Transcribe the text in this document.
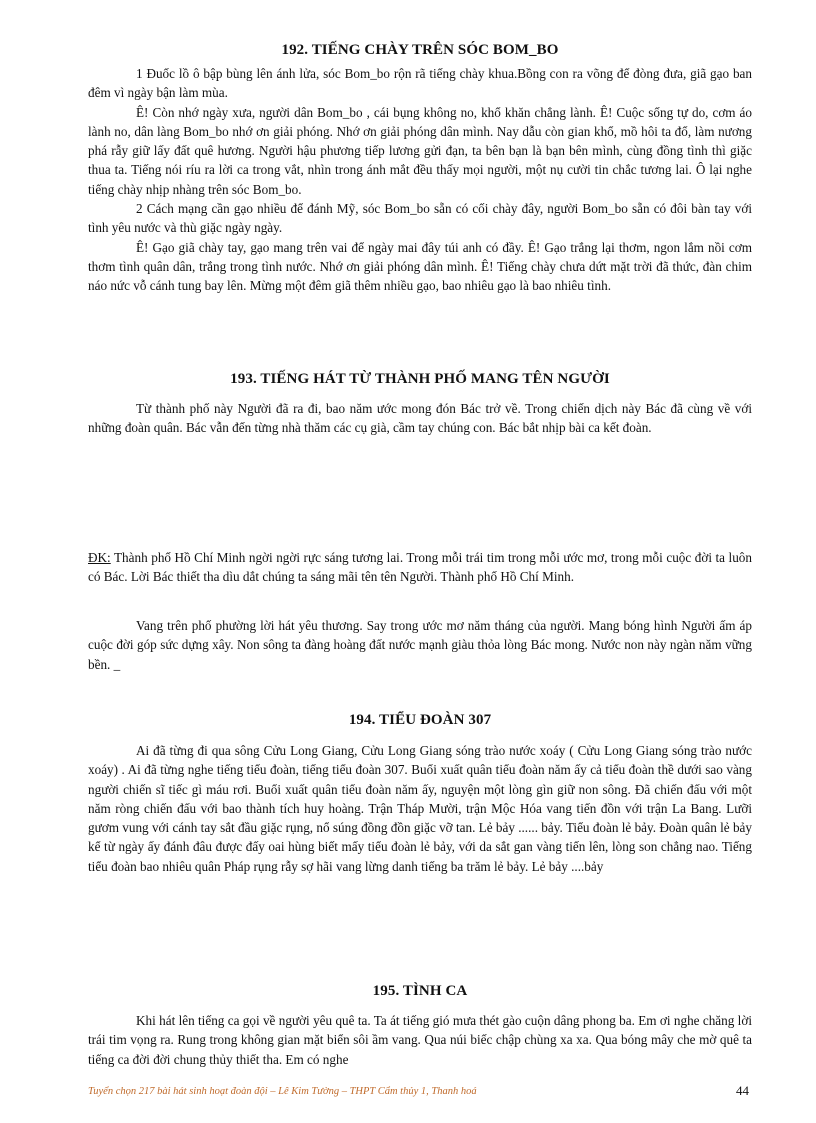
192. TIẾNG CHÀY TRÊN SÓC BOM_BO

1 Đuốc lồ ô bập bùng lên ánh lửa, sóc Bom_bo rộn rã tiếng chày khua.Bồng con ra võng để đòng đưa, giã gạo ban đêm vì ngày bận làm mùa.

Ê! Còn nhớ ngày xưa, người dân Bom_bo , cái bụng không no, khổ khăn chẳng lành. Ê! Cuộc sống tự do, cơm áo lành no, dân làng Bom_bo nhớ ơn giải phóng. Nhớ ơn giải phóng dân mình. Nay dẫu còn gian khổ, mồ hôi ta đổ, làm nương phá rẫy giữ lấy đất quê hương. Người hậu phương tiếp lương gửi đạn, ta bên bạn là bạn bên mình, cùng đồng tình thì giặc thua ta. Tiếng nói ríu ra lời ca trong vắt, nhìn trong ánh mắt đều thấy mọi người, một nụ cười tin chắc tương lai. Ô lại nghe tiếng chày nhịp nhàng trên sóc Bom_bo.

2 Cách mạng cần gạo nhiều để đánh Mỹ, sóc Bom_bo sẵn có cối chày đây, người Bom_bo sẵn có đôi bàn tay với tình yêu nước và thù giặc ngày ngày.

Ê! Gạo giã chày tay, gạo mang trên vai để ngày mai đây túi anh có đầy. Ê! Gạo trắng lại thơm, ngon lắm nồi cơm thơm tình quân dân, trắng trong tình nước. Nhớ ơn giải phóng dân mình. Ê! Tiếng chày chưa dứt mặt trời đã thức, đàn chim náo nức vỗ cánh tung bay lên. Mừng một đêm giã thêm nhiều gạo, bao nhiêu gạo là bao nhiêu tình.

193. TIẾNG HÁT TỪ THÀNH PHỐ MANG TÊN NGƯỜI

Từ thành phố này Người đã ra đi, bao năm ước mong đón Bác trở về. Trong chiến dịch này Bác đã cùng về với những đoàn quân. Bác vẫn đến từng nhà thăm các cụ già, cầm tay chúng con. Bác bắt nhịp bài ca kết đoàn.

ĐK: Thành phố Hồ Chí Minh ngời ngời rực sáng tương lai. Trong mỗi trái tim trong mỗi ước mơ, trong mỗi cuộc đời ta luôn có Bác. Lời Bác thiết tha dìu dắt chúng ta sáng mãi tên tên Người. Thành phố Hồ Chí Minh.

Vang trên phố phường lời hát yêu thương. Say trong ước mơ năm tháng của người. Mang bóng hình Người ấm áp cuộc đời góp sức dựng xây. Non sông ta đàng hoàng đất nước mạnh giàu thỏa lòng Bác mong. Nước non này ngàn năm vững bền. _

194. TIỂU ĐOÀN 307

Ai đã từng đi qua sông Cửu Long Giang, Cửu Long Giang sóng trào nước xoáy ( Cửu Long Giang sóng trào nước xoáy) . Ai đã từng nghe tiếng tiểu đoàn, tiếng tiểu đoàn 307. Buổi xuất quân tiểu đoàn năm ấy cả tiểu đoàn thề dưới sao vàng người chiến sĩ tiếc gì máu rơi. Buổi xuất quân tiểu đoàn năm ấy, nguyện một lòng gìn giữ non sông. Đã chiến đấu với một năm ròng chiến đấu với bao thành tích huy hoàng. Trận Tháp Mười, trận Mộc Hóa vang tiến đồn với trận La Bang. Lưỡi gươm vung với cánh tay sắt đầu giặc rụng, nổ súng đồng đồn giặc vỡ tan. Lẻ bảy ...... bảy. Tiểu đoàn lẻ bảy. Đoàn quân lẻ bảy kể từ ngày ấy đánh đâu được đấy oai hùng biết mấy tiểu đoàn lẻ bảy, với da sắt gan vàng tiến lên, lòng son chẳng nao. Tiếng tiểu đoàn bao nhiêu quân Pháp rụng rẫy sợ hãi vang lừng danh tiếng ba trăm lẻ bảy. Lẻ bảy ....bảy

195. TÌNH CA

Khi hát lên tiếng ca gọi về người yêu quê ta. Ta át tiếng gió mưa thét gào cuộn dâng phong ba. Em ơi nghe chăng lời trái tim vọng ra. Rung trong không gian mặt biển sôi ầm vang. Qua núi biếc chập chùng xa xa. Qua bóng mây che mờ quê ta tiếng ca đời đời chung thủy thiết tha. Em có nghe

Tuyển chọn 217 bài hát sinh hoạt đoàn đội – Lê Kim Tường – THPT Cẩm thủy 1, Thanh hoá	44
